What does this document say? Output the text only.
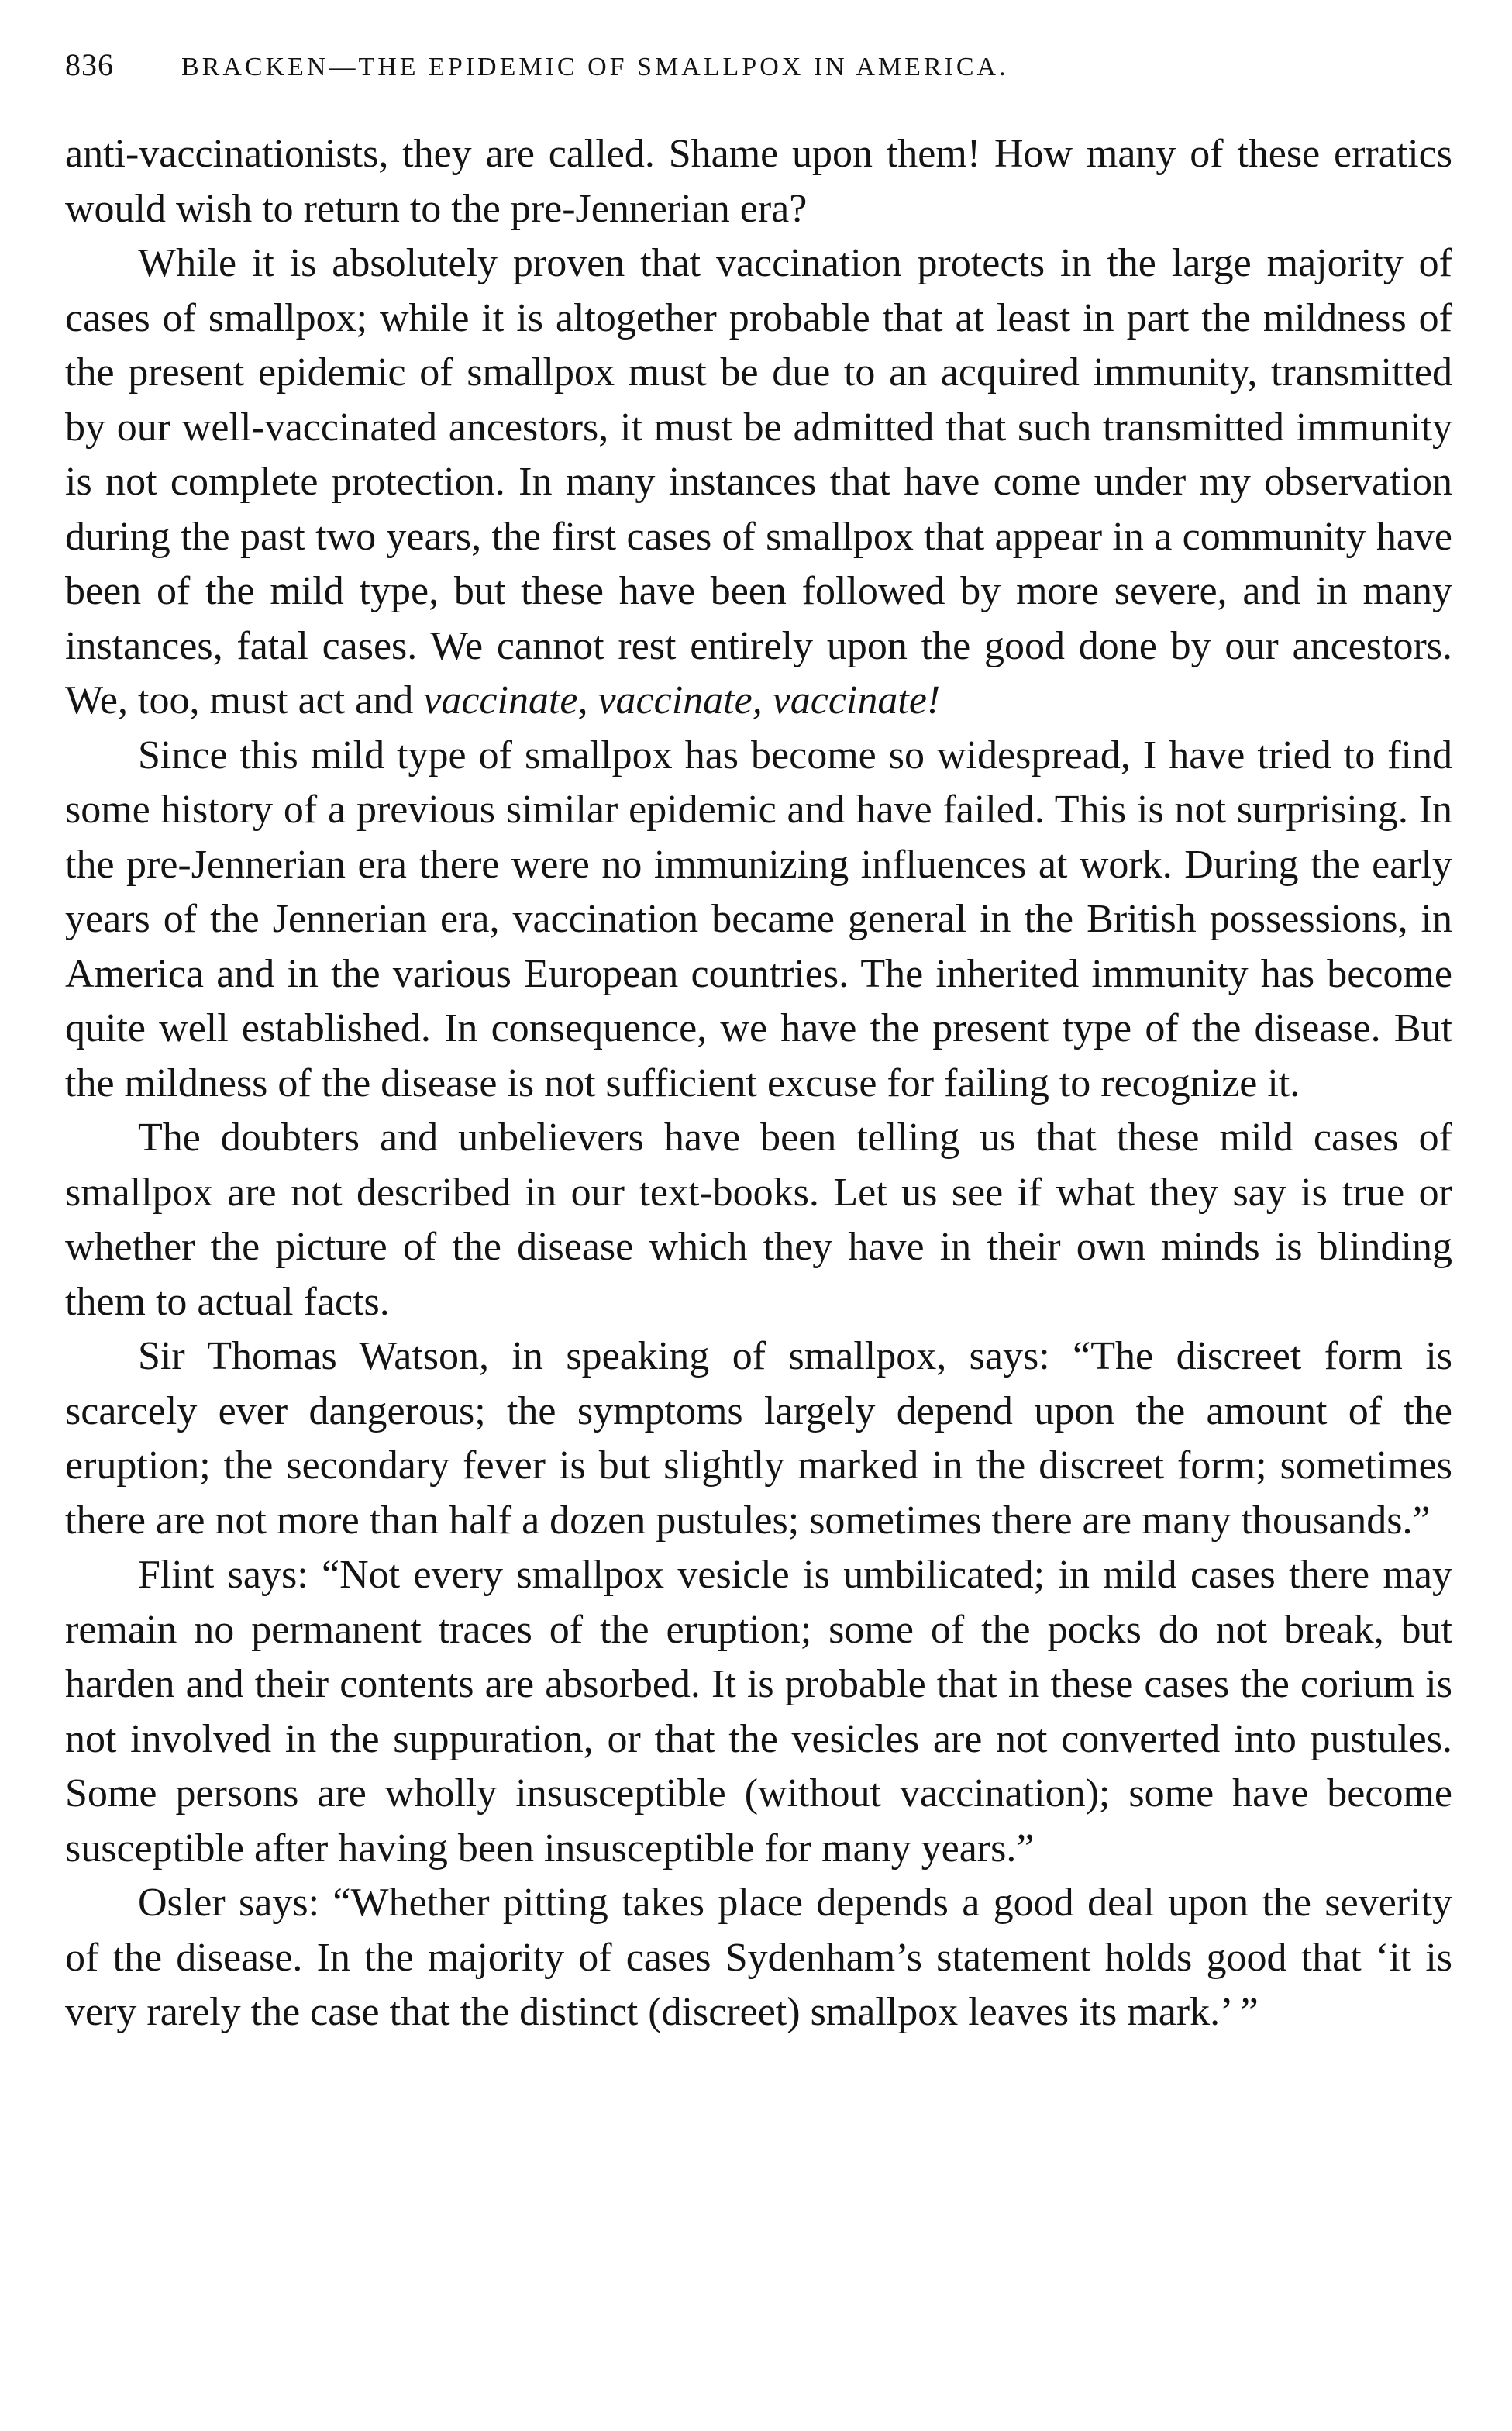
836	BRACKEN—THE EPIDEMIC OF SMALLPOX IN AMERICA.

anti-vaccinationists, they are called. Shame upon them! How many of these erratics would wish to return to the pre-Jennerian era?

While it is absolutely proven that vaccination protects in the large majority of cases of smallpox; while it is altogether probable that at least in part the mildness of the present epidemic of smallpox must be due to an acquired immunity, transmitted by our well-vaccinated ancestors, it must be admitted that such transmitted immunity is not complete protection. In many instances that have come under my observation during the past two years, the first cases of smallpox that appear in a community have been of the mild type, but these have been followed by more severe, and in many instances, fatal cases. We cannot rest entirely upon the good done by our ancestors. We, too, must act and vaccinate, vaccinate, vaccinate!

Since this mild type of smallpox has become so widespread, I have tried to find some history of a previous similar epidemic and have failed. This is not surprising. In the pre-Jennerian era there were no immunizing influences at work. During the early years of the Jennerian era, vaccination became general in the British possessions, in America and in the various European countries. The inherited immunity has become quite well established. In consequence, we have the present type of the disease. But the mildness of the disease is not sufficient excuse for failing to recognize it.

The doubters and unbelievers have been telling us that these mild cases of smallpox are not described in our text-books. Let us see if what they say is true or whether the picture of the disease which they have in their own minds is blinding them to actual facts.

Sir Thomas Watson, in speaking of smallpox, says: “The discreet form is scarcely ever dangerous; the symptoms largely depend upon the amount of the eruption; the secondary fever is but slightly marked in the discreet form; sometimes there are not more than half a dozen pustules; sometimes there are many thousands.”

Flint says: “Not every smallpox vesicle is umbilicated; in mild cases there may remain no permanent traces of the eruption; some of the pocks do not break, but harden and their contents are absorbed. It is probable that in these cases the corium is not involved in the suppuration, or that the vesicles are not converted into pustules. Some persons are wholly insusceptible (without vaccination); some have become susceptible after having been insusceptible for many years.”

Osler says: “Whether pitting takes place depends a good deal upon the severity of the disease. In the majority of cases Sydenham’s statement holds good that ‘it is very rarely the case that the distinct (discreet) smallpox leaves its mark.’ ”
